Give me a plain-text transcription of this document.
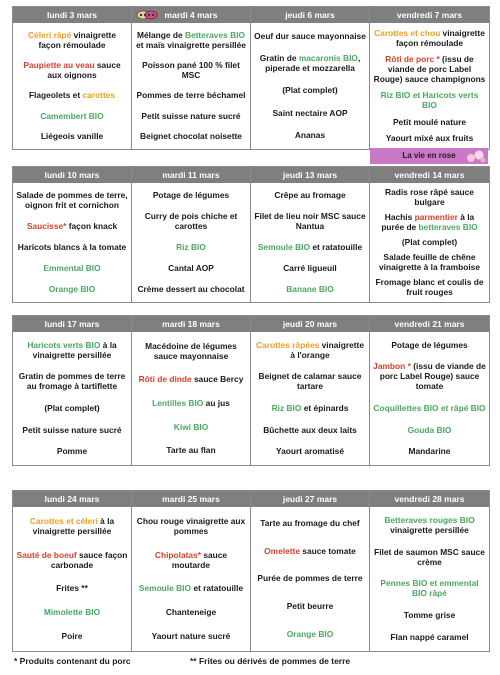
lundi 3 mars
Céleri râpé vinaigrette façon rémoulade
Paupiette au veau sauce aux oignons
Flageolets et carottes
Camembert BIO
Liégeois vanille
mardi 4 mars
Mélange de Betteraves BIO et maïs vinaigrette persillée
Poisson pané 100 % filet MSC
Pommes de terre béchamel
Petit suisse nature sucré
Beignet chocolat noisette
jeudi 6 mars
Oeuf dur sauce mayonnaise
Gratin de macaronis BIO, piperade et mozzarella
(Plat complet)
Saint nectaire AOP
Ananas
vendredi 7 mars
Carottes et chou vinaigrette façon rémoulade
Rôti de porc * (issu de viande de porc Label Rouge) sauce champignons
Riz BIO et Haricots verts BIO
Petit moulé nature
Yaourt mixé aux fruits
La vie en rose
lundi 10 mars
Salade de pommes de terre, oignon frit et cornichon
Saucisse* façon knack
Haricots blancs à la tomate
Emmental BIO
Orange BIO
mardi 11 mars
Potage de légumes
Curry de pois chiche et carottes
Riz BIO
Cantal AOP
Crème dessert au chocolat
jeudi 13 mars
Crêpe au fromage
Filet de lieu noir MSC sauce Nantua
Semoule BIO et ratatouille
Carré ligueuil
Banane BIO
vendredi 14 mars
Radis rose râpé sauce bulgare
Hachis parmentier à la purée de betteraves BIO
(Plat complet)
Salade feuille de chêne vinaigrette à la framboise
Fromage blanc et coulis de fruit rouges
lundi 17 mars
Haricots verts BIO à la vinaigrette persillée
Gratin de pommes de terre au fromage à tartiflette
(Plat complet)
Petit suisse nature sucré
Pomme
mardi 18 mars
Macédoine de légumes sauce mayonnaise
Rôti de dinde sauce Bercy
Lentilles BIO au jus
Kiwi BIO
Tarte au flan
jeudi 20 mars
Carottes râpées vinaigrette à l'orange
Beignet de calamar sauce tartare
Riz BIO et épinards
Bûchette aux deux laits
Yaourt aromatisé
vendredi 21 mars
Potage de légumes
Jambon * (issu de viande de porc Label Rouge) sauce tomate
Coquillettes BIO et râpé BIO
Gouda BIO
Mandarine
lundi 24 mars
Carottes et céleri à la vinaigrette persillée
Sauté de boeuf sauce façon carbonade
Frites **
Mimolette BIO
Poire
mardi 25 mars
Chou rouge vinaigrette aux pommes
Chipolatas* sauce moutarde
Semoule BIO et ratatouille
Chanteneige
Yaourt nature sucré
jeudi 27 mars
Tarte au fromage du chef
Omelette sauce tomate
Purée de pommes de terre
Petit beurre
Orange BIO
vendredi 28 mars
Betteraves rouges BIO vinaigrette persillée
Filet de saumon MSC sauce crème
Pennes BIO et emmental BIO râpé
Tomme grise
Flan nappé caramel
* Produits contenant du porc	** Frites ou dérivés de pommes de terre
